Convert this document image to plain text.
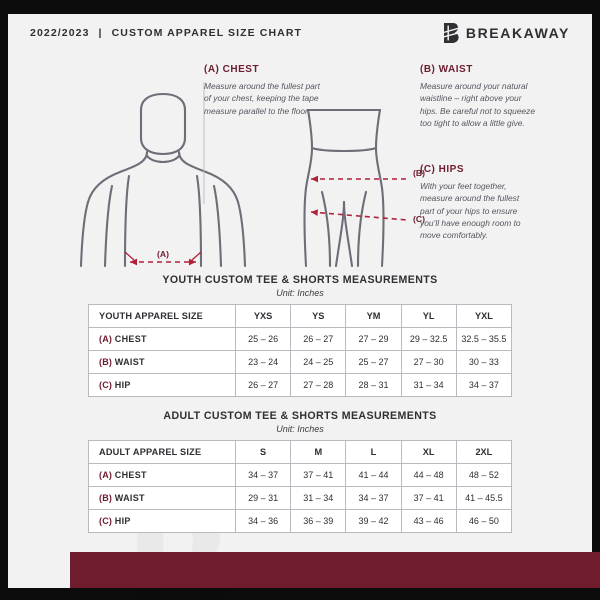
2022/2023 | CUSTOM APPAREL SIZE CHART	BREAKAWAY
(A)
(B)
(C)
(A) CHEST
Measure around the fullest part of your chest, keeping the tape measure parallel to the floor
(B) WAIST
Measure around your natural waistline – right above your hips. Be careful not to squeeze too tight to allow a little give.
(C) HIPS
With your feet together, measure around the fullest part of your hips to ensure you’ll have enough room to move comfortably.
YOUTH CUSTOM TEE & SHORTS MEASUREMENTS
Unit: Inches
YOUTH APPAREL SIZE	YXS	YS	YM	YL	YXL
(A) CHEST	25 – 26	26 – 27	27 – 29	29 – 32.5	32.5 – 35.5
(B) WAIST	23 – 24	24 – 25	25 – 27	27 – 30	30 – 33
(C) HIP	26 – 27	27 – 28	28 – 31	31 – 34	34 – 37
ADULT CUSTOM TEE & SHORTS MEASUREMENTS
Unit: Inches
ADULT APPAREL SIZE	S	M	L	XL	2XL
(A) CHEST	34 – 37	37 – 41	41 – 44	44 – 48	48 – 52
(B) WAIST	29 – 31	31 – 34	34 – 37	37 – 41	41 – 45.5
(C) HIP	34 – 36	36 – 39	39 – 42	43 – 46	46 – 50
